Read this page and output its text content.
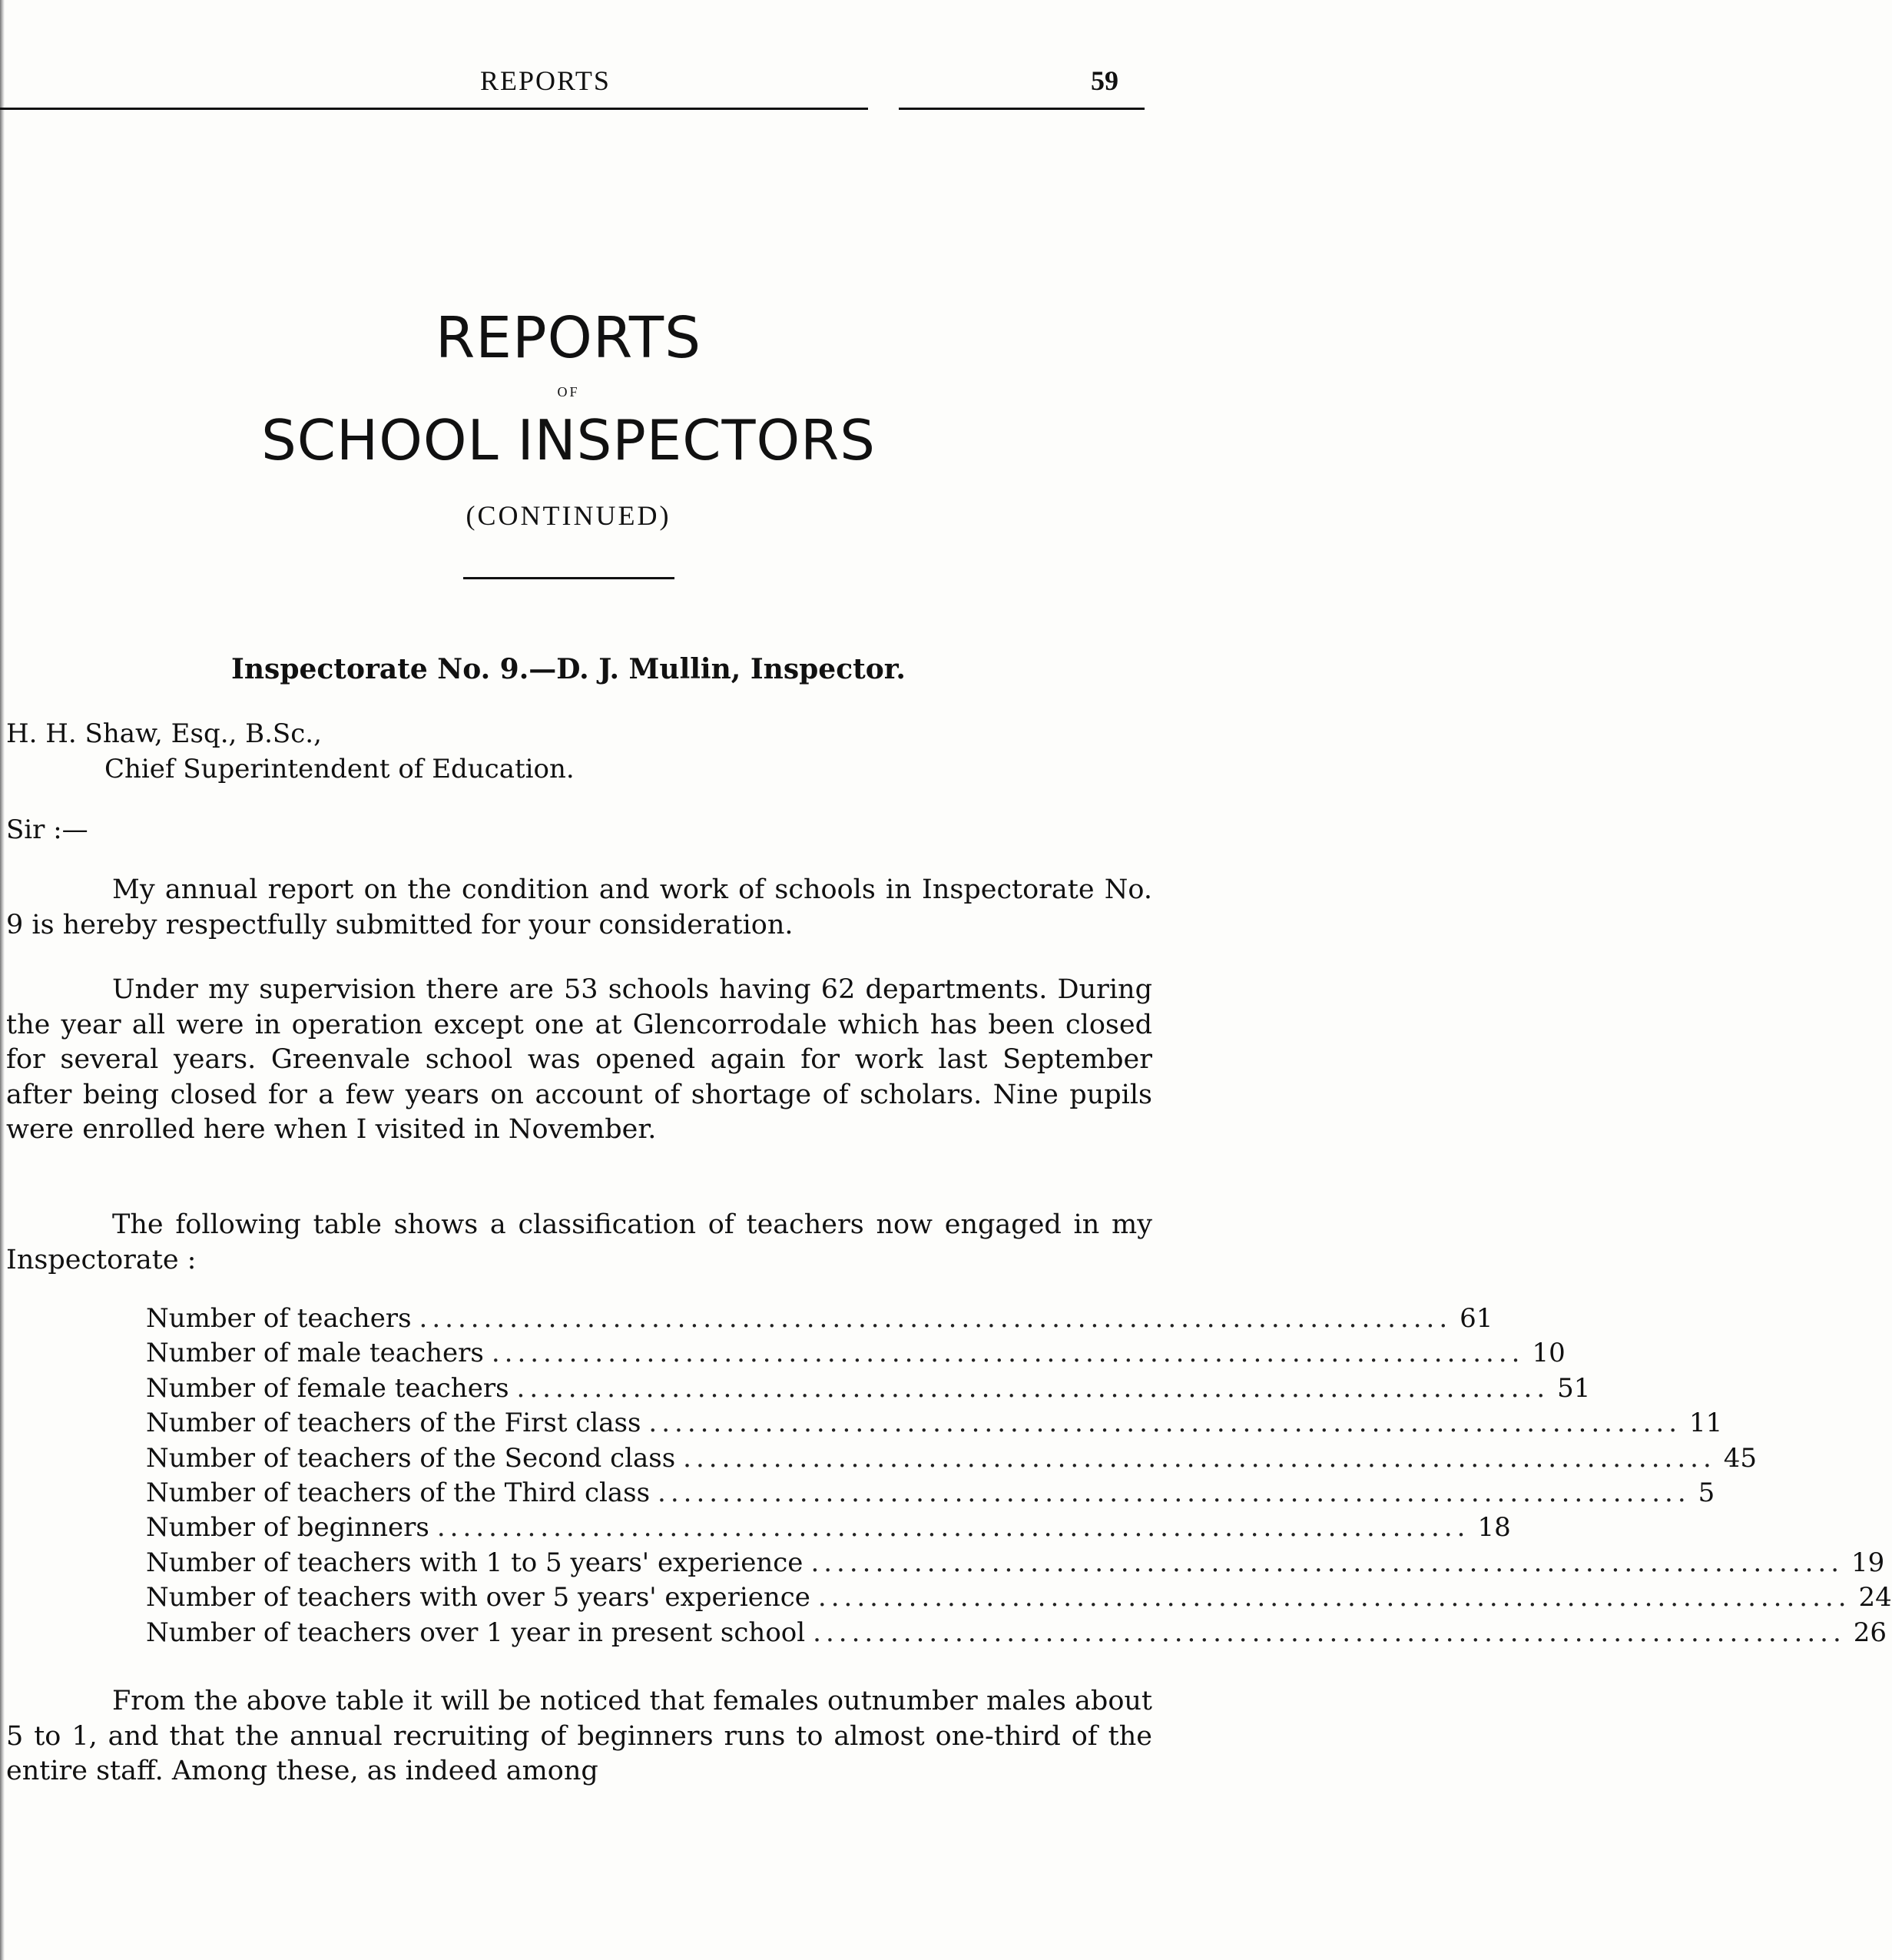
REPORTS	59
REPORTS
OF
SCHOOL INSPECTORS
(CONTINUED)
Inspectorate No. 9.—D. J. Mullin, Inspector.
H. H. Shaw, Esq., B.Sc.,
Chief Superintendent of Education.
Sir :—

My annual report on the condition and work of schools in Inspectorate No. 9 is hereby respectfully submitted for your consideration.

Under my supervision there are 53 schools having 62 departments. During the year all were in operation except one at Glencorrodale which has been closed for several years. Greenvale school was opened again for work last September after being closed for a few years on account of shortage of scholars. Nine pupils were enrolled here when I visited in November.

The following table shows a classification of teachers now engaged in my Inspectorate :

Number of teachers ................................................................................ 61
Number of male teachers ................................................................................ 10
Number of female teachers ................................................................................ 51
Number of teachers of the First class ................................................................................ 11
Number of teachers of the Second class ................................................................................ 45
Number of teachers of the Third class ................................................................................ 5
Number of beginners ................................................................................ 18
Number of teachers with 1 to 5 years' experience ................................................................................ 19
Number of teachers with over 5 years' experience ................................................................................ 24
Number of teachers over 1 year in present school ................................................................................ 26

From the above table it will be noticed that females outnumber males about 5 to 1, and that the annual recruiting of beginners runs to almost one-third of the entire staff. Among these, as indeed among
